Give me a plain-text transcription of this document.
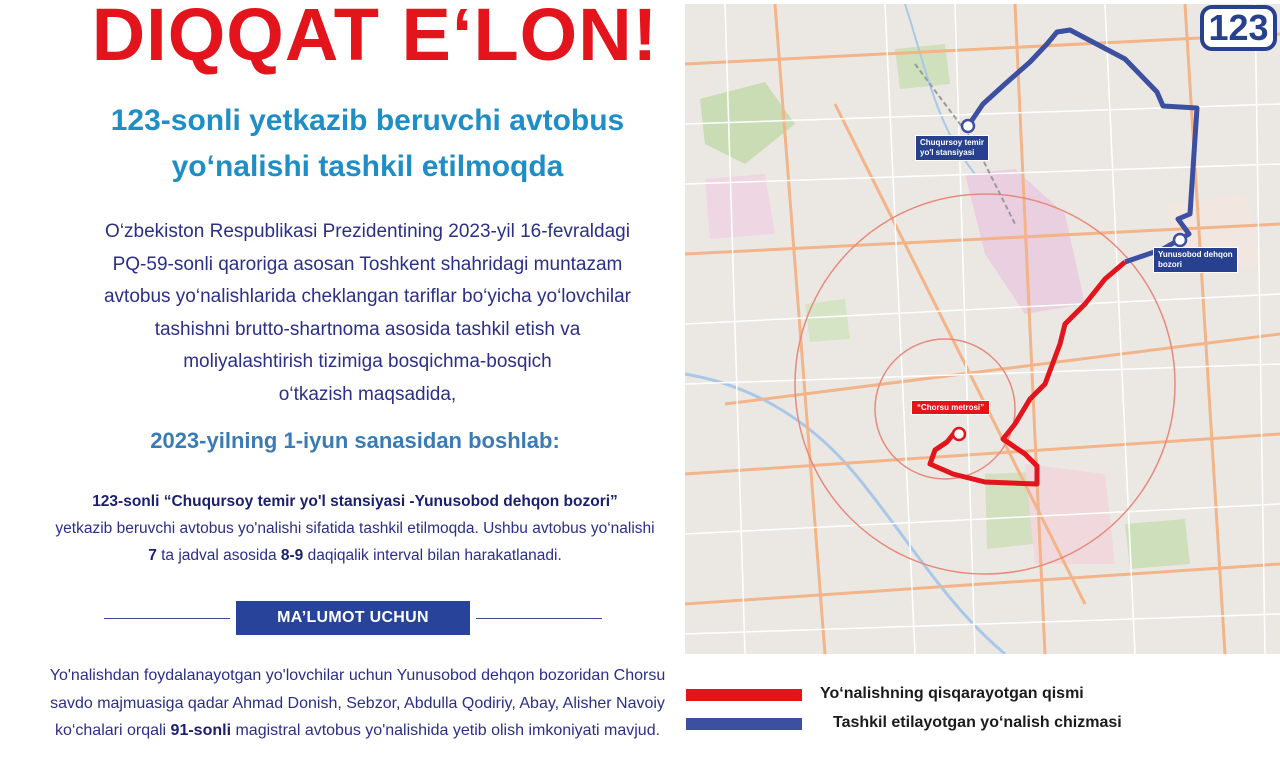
DIQQAT E‘LON!
123-sonli yetkazib beruvchi avtobus
yo‘nalishi tashkil etilmoqda
O‘zbekiston Respublikasi Prezidentining 2023-yil 16-fevraldagi
PQ-59-sonli qaroriga asosan Toshkent shahridagi muntazam
avtobus yo‘nalishlarida cheklangan tariflar bo‘yicha yo‘lovchilar
tashishni brutto-shartnoma asosida tashkil etish va
moliyalashtirish tizimiga bosqichma-bosqich
o‘tkazish maqsadida,
2023-yilning 1-iyun sanasidan boshlab:
123-sonli “Chuqursoy temir yo'l stansiyasi -Yunusobod dehqon bozori”
yetkazib beruvchi avtobus yo'nalishi sifatida tashkil etilmoqda. Ushbu avtobus yo‘nalishi
7 ta jadval asosida 8-9 daqiqalik interval bilan harakatlanadi.
MA’LUMOT UCHUN
Yo'nalishdan foydalanayotgan yo'lovchilar uchun Yunusobod dehqon bozoridan Chorsu
savdo majmuasiga qadar Ahmad Donish, Sebzor, Abdulla Qodiriy, Abay, Alisher Navoiy
ko‘chalari orqali 91-sonli magistral avtobus yo'nalishida yetib olish imkoniyati mavjud.
Chuqursoy temir
yo'l stansiyasi
Yunusobod dehqon
bozori
“Chorsu metrosi”
123
Yo‘nalishning qisqarayotgan qismi
Tashkil etilayotgan yo‘nalish chizmasi
